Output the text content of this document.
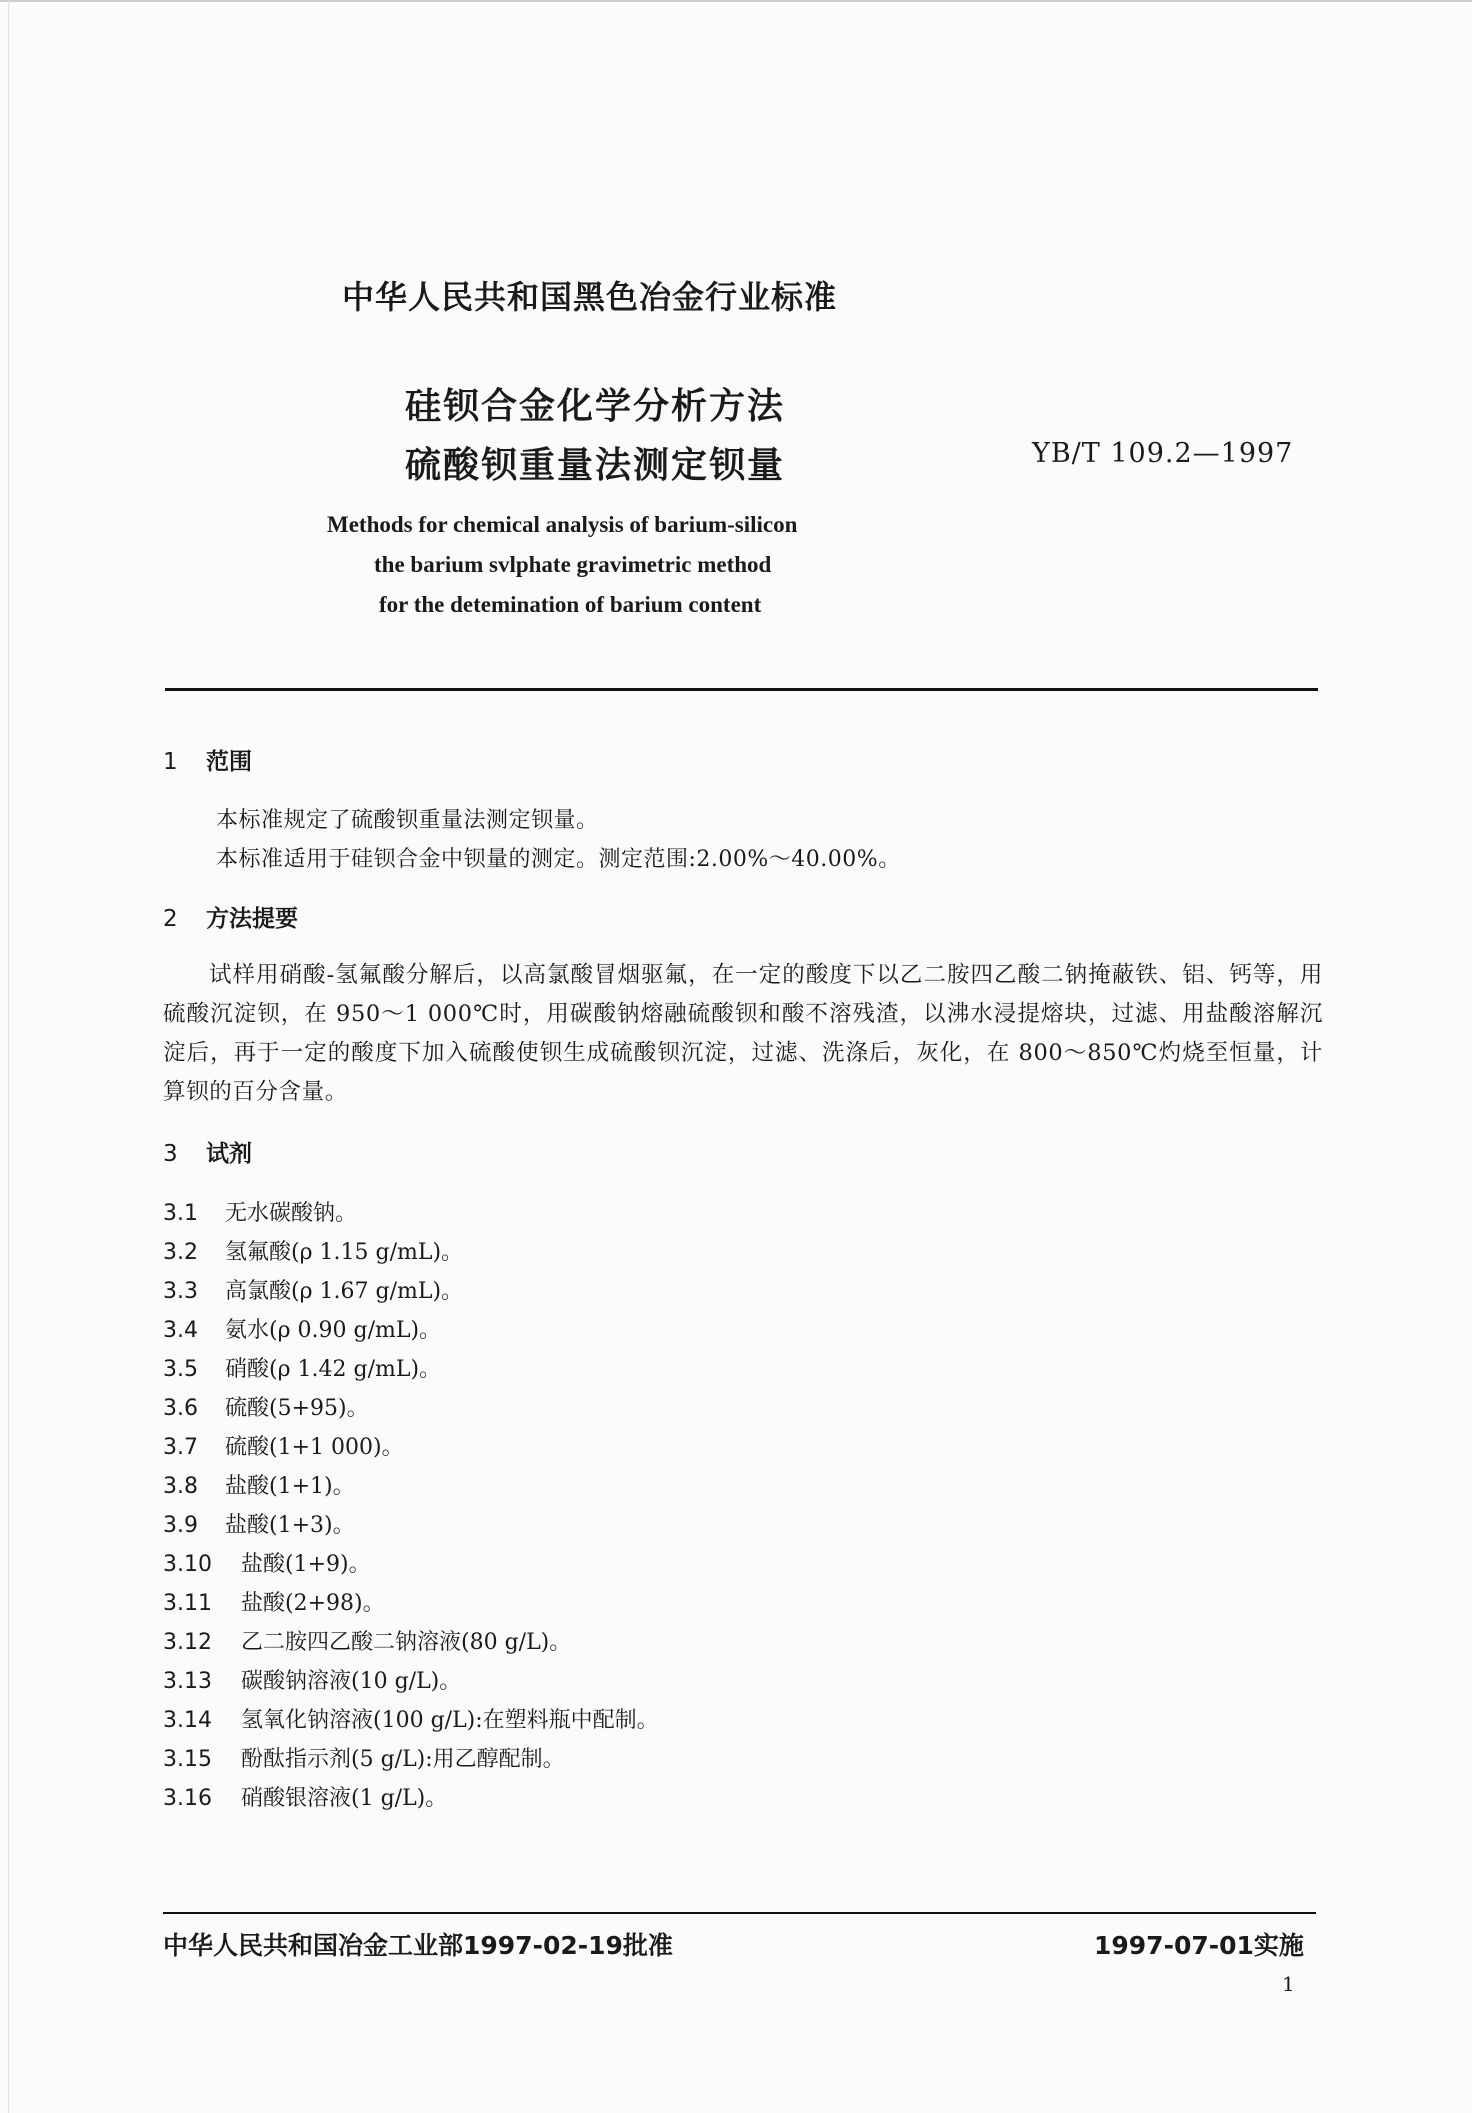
中华人民共和国黑色冶金行业标准
硅钡合金化学分析方法
硫酸钡重量法测定钡量	YB/T 109.2—1997
Methods for chemical analysis of barium-silicon
the barium svlphate gravimetric method
for the detemination of barium content
1 范围
本标准规定了硫酸钡重量法测定钡量。
本标准适用于硅钡合金中钡量的测定。测定范围:2.00%～40.00%。
2 方法提要
试样用硝酸-氢氟酸分解后，以高氯酸冒烟驱氟，在一定的酸度下以乙二胺四乙酸二钠掩蔽铁、铝、钙等，用硫酸沉淀钡，在 950～1 000℃时，用碳酸钠熔融硫酸钡和酸不溶残渣，以沸水浸提熔块，过滤、用盐酸溶解沉淀后，再于一定的酸度下加入硫酸使钡生成硫酸钡沉淀，过滤、洗涤后，灰化，在 800～850℃灼烧至恒量，计算钡的百分含量。
3 试剂
3.1 无水碳酸钠。
3.2 氢氟酸(ρ 1.15 g/mL)。
3.3 高氯酸(ρ 1.67 g/mL)。
3.4 氨水(ρ 0.90 g/mL)。
3.5 硝酸(ρ 1.42 g/mL)。
3.6 硫酸(5+95)。
3.7 硫酸(1+1 000)。
3.8 盐酸(1+1)。
3.9 盐酸(1+3)。
3.10 盐酸(1+9)。
3.11 盐酸(2+98)。
3.12 乙二胺四乙酸二钠溶液(80 g/L)。
3.13 碳酸钠溶液(10 g/L)。
3.14 氢氧化钠溶液(100 g/L):在塑料瓶中配制。
3.15 酚酞指示剂(5 g/L):用乙醇配制。
3.16 硝酸银溶液(1 g/L)。
中华人民共和国冶金工业部1997-02-19批准	1997-07-01实施
1
